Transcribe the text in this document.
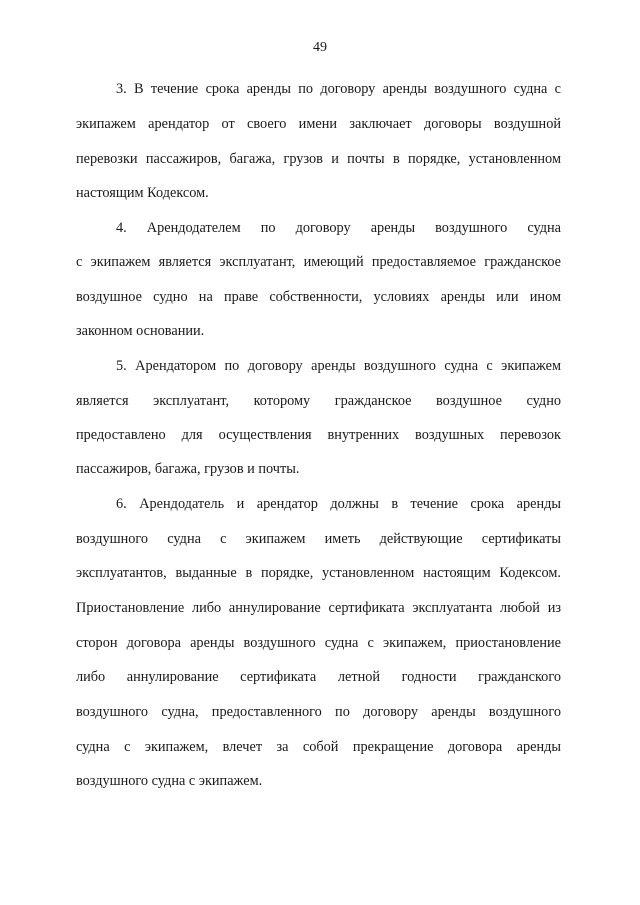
49
3. В течение срока аренды по договору аренды воздушного судна с
экипажем арендатор от своего имени заключает договоры воздушной
перевозки пассажиров, багажа, грузов и почты в порядке, установленном
настоящим Кодексом.
4. Арендодателем по договору аренды воздушного судна
с экипажем является эксплуатант, имеющий предоставляемое гражданское
воздушное судно на праве собственности, условиях аренды или ином
законном основании.
5. Арендатором по договору аренды воздушного судна с экипажем
является эксплуатант, которому гражданское воздушное судно
предоставлено для осуществления внутренних воздушных перевозок
пассажиров, багажа, грузов и почты.
6. Арендодатель и арендатор должны в течение срока аренды
воздушного судна с экипажем иметь действующие сертификаты
эксплуатантов, выданные в порядке, установленном настоящим Кодексом.
Приостановление либо аннулирование сертификата эксплуатанта любой из
сторон договора аренды воздушного судна с экипажем, приостановление
либо аннулирование сертификата летной годности гражданского
воздушного судна, предоставленного по договору аренды воздушного
судна с экипажем, влечет за собой прекращение договора аренды
воздушного судна с экипажем.
